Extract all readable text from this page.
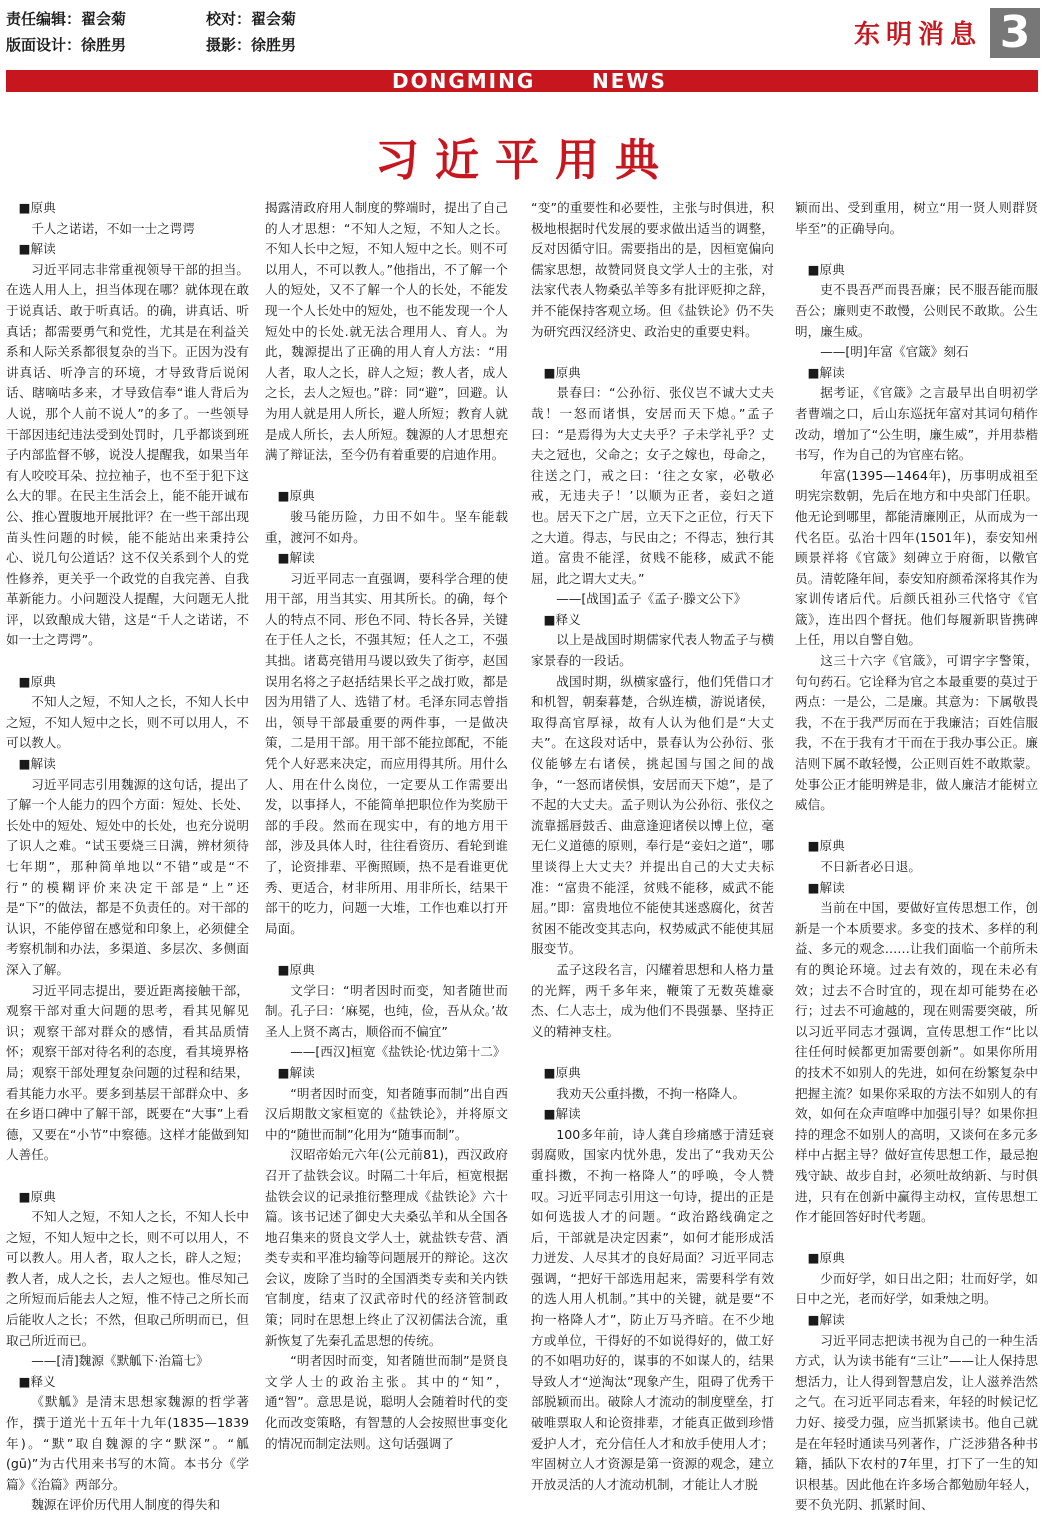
责任编辑：翟会菊	校对：翟会菊
版面设计：徐胜男	摄影：徐胜男	东明消息 3
DONGMING	NEWS
习近平用典

■原典

千人之诺诺，不如一士之谔谔

■解读

习近平同志非常重视领导干部的担当。在选人用人上，担当体现在哪？就体现在敢于说真话、敢于听真话。的确，讲真话、听真话；都需要勇气和党性，尤其是在利益关系和人际关系都很复杂的当下。正因为没有讲真话、听净言的环境，才导致背后说闲话、瞎嘀咕多来，才导致信奉“谁人背后为人说，那个人前不说人”的多了。一些领导干部因违纪违法受到处罚时，几乎都谈到班子内部监督不够，说没人提醒我，如果当年有人咬咬耳朵、拉拉袖子，也不至于犯下这么大的罪。在民主生活会上，能不能开诚布公、推心置腹地开展批评？在一些干部出现苗头性问题的时候，能不能站出来秉持公心、说几句公道话？这不仅关系到个人的党性修养，更关乎一个政党的自我完善、自我革新能力。小问题没人提醒，大问题无人批评，以致酿成大错，这是“千人之诺诺，不如一士之谔谔”。

■原典

不知人之短，不知人之长，不知人长中之短，不知人短中之长，则不可以用人，不可以教人。

■解读

习近平同志引用魏源的这句话，提出了了解一个人能力的四个方面：短处、长处、长处中的短处、短处中的长处，也充分说明了识人之难。“试玉要烧三日满，辨材须待七年期”，那种简单地以“不错”或是“不行”的模糊评价来决定干部是“上”还是“下”的做法，都是不负责任的。对干部的认识，不能停留在感觉和印象上，必须健全考察机制和办法，多渠道、多层次、多侧面深入了解。

习近平同志提出，要近距离接触干部，观察干部对重大问题的思考，看其见解见识；观察干部对群众的感情，看其品质情怀；观察干部对待名利的态度，看其境界格局；观察干部处理复杂问题的过程和结果，看其能力水平。要多到基层干部群众中、多在乡语口碑中了解干部，既要在“大事”上看德，又要在“小节”中察德。这样才能做到知人善任。

■原典

不知人之短，不知人之长，不知人长中之短，不知人短中之长，则不可以用人，不可以教人。用人者，取人之长，辟人之短；教人者，成人之长，去人之短也。惟尽知己之所短而后能去人之短，惟不恃己之所长而后能收人之长；不然，但取己所明而已，但取己所近而已。

——[清]魏源《默觚下·治篇七》

■释义

《默觚》是清末思想家魏源的哲学著作，撰于道光十五年十九年(1835—1839年)。“默”取自魏源的字“默深”。“觚(gū)”为古代用来书写的木简。本书分《学篇》《治篇》两部分。

魏源在评价历代用人制度的得失和

揭露清政府用人制度的弊端时，提出了自己的人才思想：“不知人之短，不知人之长。不知人长中之短，不知人短中之长。则不可以用人，不可以教人。”他指出，不了解一个人的短处，又不了解一个人的长处，不能发现一个人长处中的短处，也不能发现一个人短处中的长处.就无法合理用人、育人。为此，魏源提出了正确的用人育人方法：“用人者，取人之长，辟人之短；教人者，成人之长，去人之短也。”辟：同“避”，回避。认为用人就是用人所长，避人所短；教育人就是成人所长，去人所短。魏源的人才思想充满了辩证法，至今仍有着重要的启迪作用。

■原典

骏马能历险，力田不如牛。坚车能载重，渡河不如舟。

■解读

习近平同志一直强调，要科学合理的使用干部，用当其实、用其所长。的确，每个人的特点不同、形色不同、特长各异，关键在于任人之长，不强其短；任人之工，不强其拙。诸葛亮错用马谡以致失了街亭，赵国误用名将之子赵括结果长平之战打败，都是因为用错了人、选错了材。毛泽东同志曾指出，领导干部最重要的两件事，一是做决策，二是用干部。用干部不能拉郎配，不能凭个人好恶来决定，而应用得其所。用什么人、用在什么岗位，一定要从工作需要出发，以事择人，不能简单把职位作为奖励干部的手段。然而在现实中，有的地方用干部，涉及具体人时，往往看资历、看轮到谁了，论资排辈、平衡照顾，热不是看谁更优秀、更适合，材非所用、用非所长，结果干部干的吃力，问题一大堆，工作也难以打开局面。

■原典

文学曰：“明者因时而变，知者随世而制。孔子曰：‘麻冕，也纯，俭，吾从众。’故圣人上贤不离古，顺俗而不偏宜”

——[西汉]桓宽《盐铁论·忧边第十二》

■解读

“明者因时而变，知者随事而制”出自西汉后期散文家桓宽的《盐铁论》，并将原文中的“随世而制”化用为“随事而制”。

汉昭帝始元六年(公元前81)，西汉政府召开了盐铁会议。时隔二十年后，桓宽根据盐铁会议的记录推衍整理成《盐铁论》六十篇。该书记述了御史大夫桑弘羊和从全国各地召集来的贤良文学人士，就盐铁专营、酒类专卖和平准均输等问题展开的辩论。这次会议，废除了当时的全国酒类专卖和关内铁官制度，结束了汉武帝时代的经济管制政策；同时在思想上终止了汉初儒法合流，重新恢复了先秦孔孟思想的传统。

“明者因时而变，知者随世而制”是贤良文学人士的政治主张。其中的“知”，通“智”。意思是说，聪明人会随着时代的变化而改变策略，有智慧的人会按照世事变化的情况而制定法则。这句话强调了

“变”的重要性和必要性，主张与时俱进，积极地根据时代发展的要求做出适当的调整，反对因循守旧。需要指出的是，因桓宽偏向儒家思想，故赞同贤良文学人士的主张，对法家代表人物桑弘羊等多有批评贬抑之辞，并不能保持客观立场。但《盐铁论》仍不失为研究西汉经济史、政治史的重要史料。

■原典

景春曰：“公孙衍、张仪岂不诚大丈夫哉！一怒而诸惧，安居而天下熄。”孟子曰：“是焉得为大丈夫乎？子未学礼乎？丈夫之冠也，父命之；女子之嫁也，母命之，往送之门，戒之曰：‘往之女家，必敬必戒，无违夫子！’以顺为正者，妾妇之道也。居天下之广居，立天下之正位，行天下之大道。得志，与民由之；不得志，独行其道。富贵不能淫，贫贱不能移，威武不能屈，此之谓大丈夫。”

——[战国]孟子《孟子·滕文公下》

■释义

以上是战国时期儒家代表人物孟子与横家景春的一段话。

战国时期，纵横家盛行，他们凭借口才和机智，朝秦暮楚，合纵连横，游说诸侯，取得高官厚禄，故有人认为他们是“大丈夫”。在这段对话中，景春认为公孙衍、张仪能够左右诸侯，挑起国与国之间的战争，“一怒而诸侯惧，安居而天下熄”，是了不起的大丈夫。孟子则认为公孙衍、张仪之流靠摇唇鼓舌、曲意逢迎诸侯以博上位，毫无仁义道德的原则，奉行是“妾妇之道”，哪里谈得上大丈夫？并提出自己的大丈夫标准：“富贵不能淫，贫贱不能移，威武不能屈。”即：富贵地位不能使其迷惑腐化，贫苦贫困不能改变其志向，权势威武不能使其屈服变节。

孟子这段名言，闪耀着思想和人格力量的光辉，两千多年来，鞭策了无数英雄豪杰、仁人志士，成为他们不畏强暴、坚持正义的精神支柱。

■原典

我劝天公重抖擞，不拘一格降人。

■解读

100多年前，诗人龚自珍痛感于清廷衰弱腐败，国家内忧外患，发出了“我劝天公重抖擞，不拘一格降人”的呼唤，令人赞叹。习近平同志引用这一句诗，提出的正是如何选拔人才的问题。“政治路线确定之后，干部就是决定因素”，如何才能形成活力迸发、人尽其才的良好局面？习近平同志强调，“把好干部选用起来，需要科学有效的选人用人机制。”其中的关键，就是要“不拘一格降人才”，防止万马齐暗。在不少地方或单位，干得好的不如说得好的，做工好的不如唱功好的，谋事的不如谋人的，结果导致人才“逆淘汰”现象产生，阻碍了优秀干部脱颖而出。破除人才流动的制度壁垒，打破唯票取人和论资排辈，才能真正做到珍惜爱护人才，充分信任人才和放手使用人才；牢固树立人才资源是第一资源的观念，建立开放灵活的人才流动机制，才能让人才脱

颖而出、受到重用，树立“用一贤人则群贤毕至”的正确导向。

■原典

吏不畏吾严而畏吾廉；民不服吾能而服吾公；廉则吏不敢慢，公则民不敢欺。公生明，廉生威。

——[明]年富《官箴》刻石

■解读

据考证，《官箴》之言最早出自明初学者曹端之口，后山东巡抚年富对其词句稍作改动，增加了“公生明，廉生威”，并用恭楷书写，作为自己的为官座右铭。

年富(1395—1464年)，历事明成祖至明宪宗数朝，先后在地方和中央部门任职。他无论到哪里，都能清廉刚正，从而成为一代名臣。弘治十四年(1501年)，泰安知州顾景祥将《官箴》刻碑立于府衙，以儆官员。清乾隆年间，泰安知府颜希深将其作为家训传诸后代。后颜氏祖孙三代恪守《官箴》，连出四个督抚。他们每履新职皆携碑上任，用以自警自勉。

这三十六字《官箴》，可谓字字警策，句句药石。它诠释为官之本最重要的莫过于两点：一是公，二是廉。其意为：下属敬畏我，不在于我严厉而在于我廉洁；百姓信服我，不在于我有才干而在于我办事公正。廉洁则下属不敢轻慢，公正则百姓不敢欺蒙。处事公正才能明辨是非，做人廉洁才能树立威信。

■原典

不日新者必日退。

■解读

当前在中国，要做好宣传思想工作，创新是一个本质要求。多变的技术、多样的利益、多元的观念……让我们面临一个前所未有的舆论环境。过去有效的，现在未必有效；过去不合时宜的，现在却可能势在必行；过去不可逾越的，现在则需要突破，所以习近平同志才强调，宣传思想工作“比以往任何时候都更加需要创新”。如果你所用的技术不如别人的先进，如何在纷繁复杂中把握主流？如果你采取的方法不如别人的有效，如何在众声喧哗中加强引导？如果你担持的理念不如别人的高明，又谈何在多元多样中占据主导？做好宣传思想工作，最忌抱残守缺、故步自封，必须吐故纳新、与时俱进，只有在创新中赢得主动权，宣传思想工作才能回答好时代考题。

■原典

少而好学，如日出之阳；壮而好学，如日中之光，老而好学，如秉烛之明。

■解读

习近平同志把读书视为自己的一种生活方式，认为读书能有“三让”——让人保持思想活力，让人得到智慧启发，让人滋养浩然之气。在习近平同志看来，年轻的时候记忆力好、接受力强，应当抓紧读书。他自己就是在年轻时通读马列著作，广泛涉猎各种书籍，插队下农村的7年里，打下了一生的知识根基。因此他在许多场合都勉励年轻人，要不负光阴、抓紧时间、
